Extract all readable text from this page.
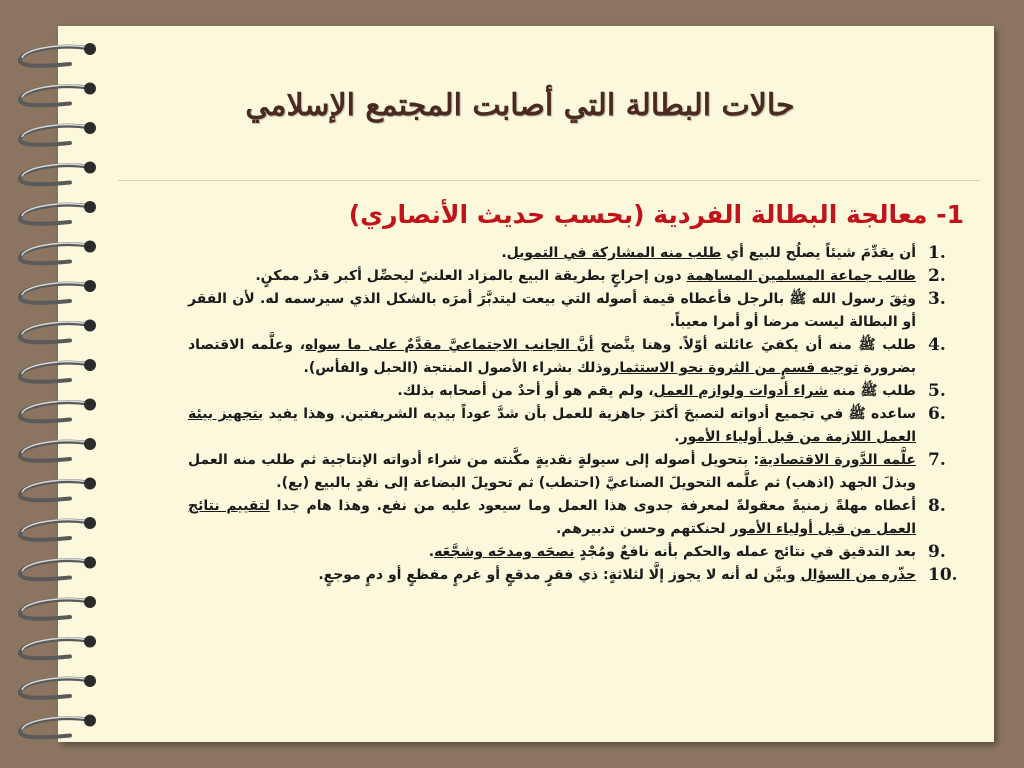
حالات البطالة التي أصابت المجتمع الإسلامي
1- معالجة البطالة الفردية (بحسب حديث الأنصاري)
1.
أن يقدِّمَ شيئاً يصلُح للبيع أي طلب منه المشاركة في التمويل.
2.
طالب جماعة المسلمين المساهمة دون إحراجٍ بطريقة البيع بالمزاد العلنيّ ليحصِّل أكبر قدْر ممكنٍ.
3.
وثِقَ رسول الله ﷺ بالرجل فأعطاه قيمة أصوله التي بيعت ليتدبَّرَ أمرَه بالشكل الذي سيرسمه له. لأن الفقر أو البطالة ليست مرضا أو أمرا معيباً.
4.
طلب ﷺ منه أن يكفيَ عائلته أوّلاً. وهنا يتَّضح أنَّ الجانب الاجتماعيَّ مقدَّمٌ على ما سواه، وعلَّمه الاقتصاد بضرورة توجيه قسمٍ من الثروة نحو الاستثماروذلك بشراء الأصول المنتجة (الحبل والفأس).
5.
طلب ﷺ منه شراء أدوات ولوازم العمل، ولم يقم هو أو أحدٌ من أصحابه بذلك.
6.
ساعده ﷺ في تجميع أدواته لتصبحَ أكثرَ جاهزية للعمل بأن شدَّ عوداً بيديه الشريفتين. وهذا يفيد بتجهيز بيئة العمل اللازمة من قبل أولياء الأمور.
7.
علَّمه الدَّورة الاقتصادية: بتحويل أصوله إلى سيولةٍ نقديةٍ مكَّنته من شراء أدواته الإنتاجية ثم طلب منه العمل وبذلَ الجهد (اذهب) ثم علَّمه التحويلَ الصناعيَّ (احتطب) ثم تحويلَ البضاعة إلى نقدٍ بالبيع (بع).
8.
أعطاه مهلةً زمنيةً معقولةً لمعرفة جدوى هذا العمل وما سيعود عليه من نفع. وهذا هام جدا لتقييم نتائج العمل من قبل أولياء الأمور لحنكتهم وحسن تدبيرهم.
9.
بعد التدقيق في نتائج عمله والحكم بأنه نافعٌ ومُجْدٍ نصحَه ومدحَه وشجَّعَه.
10.
حذّره من السؤال وبيَّن له أنه لا يجوز إلَّا لثلاثةٍ: ذي فقرٍ مدقعٍ أو غرمٍ مفظعٍ أو دمٍ موجعٍ.
